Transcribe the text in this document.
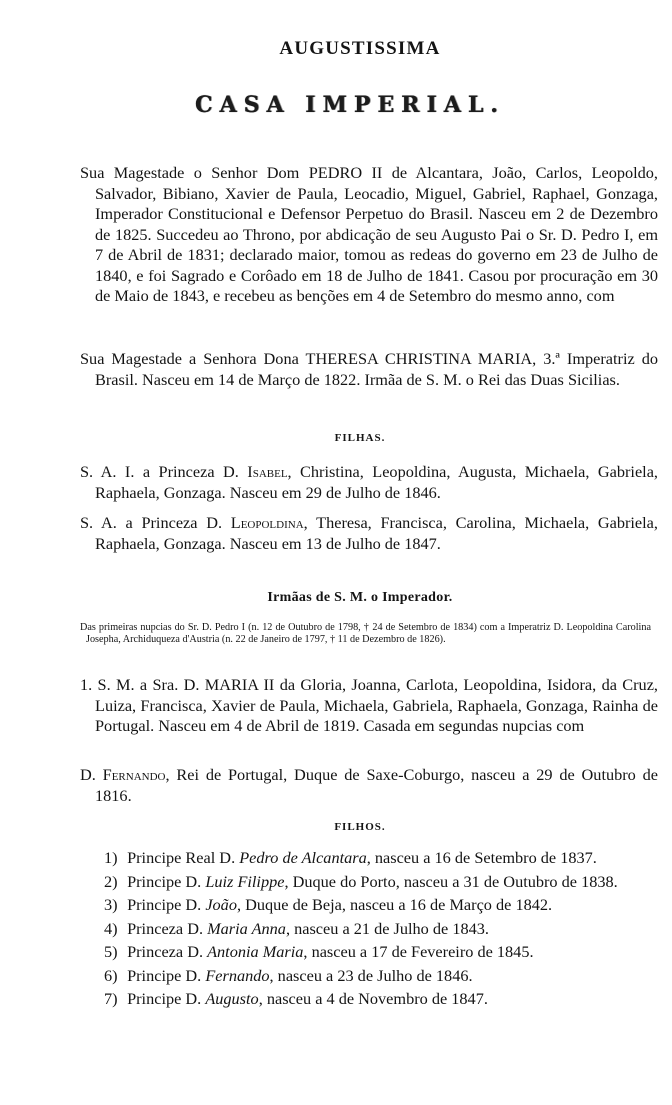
AUGUSTISSIMA
CASA IMPERIAL.
Sua Magestade o Senhor Dom PEDRO II de Alcantara, João, Carlos, Leopoldo, Salvador, Bibiano, Xavier de Paula, Leocadio, Miguel, Gabriel, Raphael, Gonzaga, Imperador Constitucional e Defensor Perpetuo do Brasil. Nasceu em 2 de Dezembro de 1825. Succedeu ao Throno, por abdicação de seu Augusto Pai o Sr. D. Pedro I, em 7 de Abril de 1831; declarado maior, tomou as redeas do governo em 23 de Julho de 1840, e foi Sagrado e Corôado em 18 de Julho de 1841. Casou por procuração em 30 de Maio de 1843, e recebeu as benções em 4 de Setembro do mesmo anno, com
Sua Magestade a Senhora Dona THERESA CHRISTINA MARIA, 3.ª Imperatriz do Brasil. Nasceu em 14 de Março de 1822. Irmãa de S. M. o Rei das Duas Sicilias.
FILHAS.
S. A. I. a Princeza D. Isabel, Christina, Leopoldina, Augusta, Michaela, Gabriela, Raphaela, Gonzaga. Nasceu em 29 de Julho de 1846.
S. A. a Princeza D. Leopoldina, Theresa, Francisca, Carolina, Michaela, Gabriela, Raphaela, Gonzaga. Nasceu em 13 de Julho de 1847.
Irmãas de S. M. o Imperador.
Das primeiras nupcias do Sr. D. Pedro I (n. 12 de Outubro de 1798, † 24 de Setembro de 1834) com a Imperatriz D. Leopoldina Carolina Josepha, Archiduqueza d'Austria (n. 22 de Janeiro de 1797, † 11 de Dezembro de 1826).
1. S. M. a Sra. D. MARIA II da Gloria, Joanna, Carlota, Leopoldina, Isidora, da Cruz, Luiza, Francisca, Xavier de Paula, Michaela, Gabriela, Raphaela, Gonzaga, Rainha de Portugal. Nasceu em 4 de Abril de 1819. Casada em segundas nupcias com
D. Fernando, Rei de Portugal, Duque de Saxe-Coburgo, nasceu a 29 de Outubro de 1816.
FILHOS.
1) Principe Real D. Pedro de Alcantara, nasceu a 16 de Setembro de 1837.
2) Principe D. Luiz Filippe, Duque do Porto, nasceu a 31 de Outubro de 1838.
3) Principe D. João, Duque de Beja, nasceu a 16 de Março de 1842.
4) Princeza D. Maria Anna, nasceu a 21 de Julho de 1843.
5) Princeza D. Antonia Maria, nasceu a 17 de Fevereiro de 1845.
6) Principe D. Fernando, nasceu a 23 de Julho de 1846.
7) Principe D. Augusto, nasceu a 4 de Novembro de 1847.
